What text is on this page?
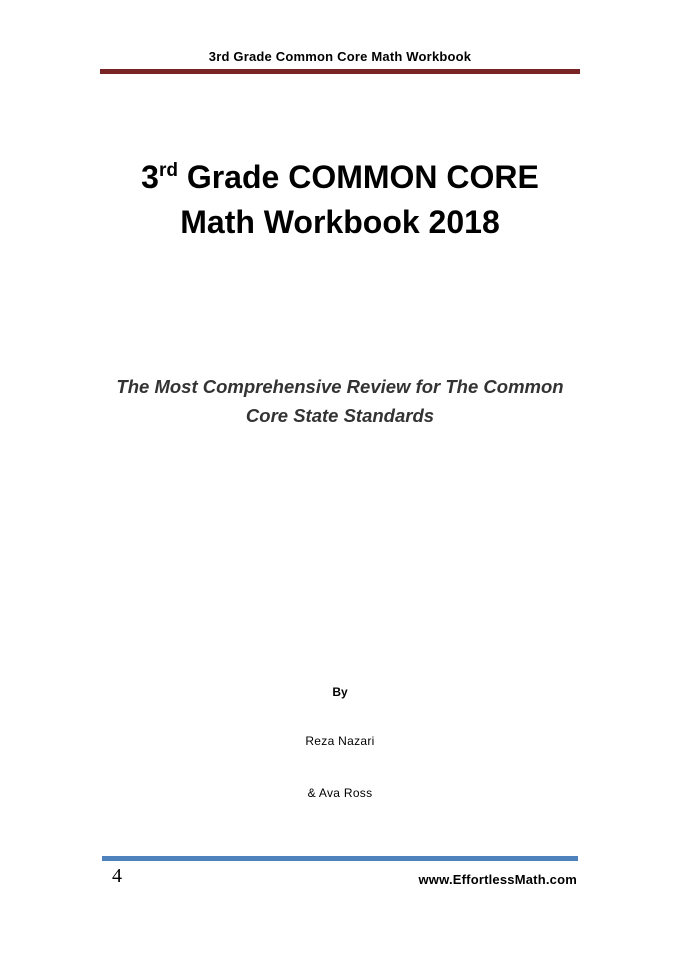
3rd Grade Common Core Math Workbook
3rd Grade COMMON CORE
Math Workbook 2018
The Most Comprehensive Review for The Common
Core State Standards
By
Reza Nazari
& Ava Ross
4	www.EffortlessMath.com
